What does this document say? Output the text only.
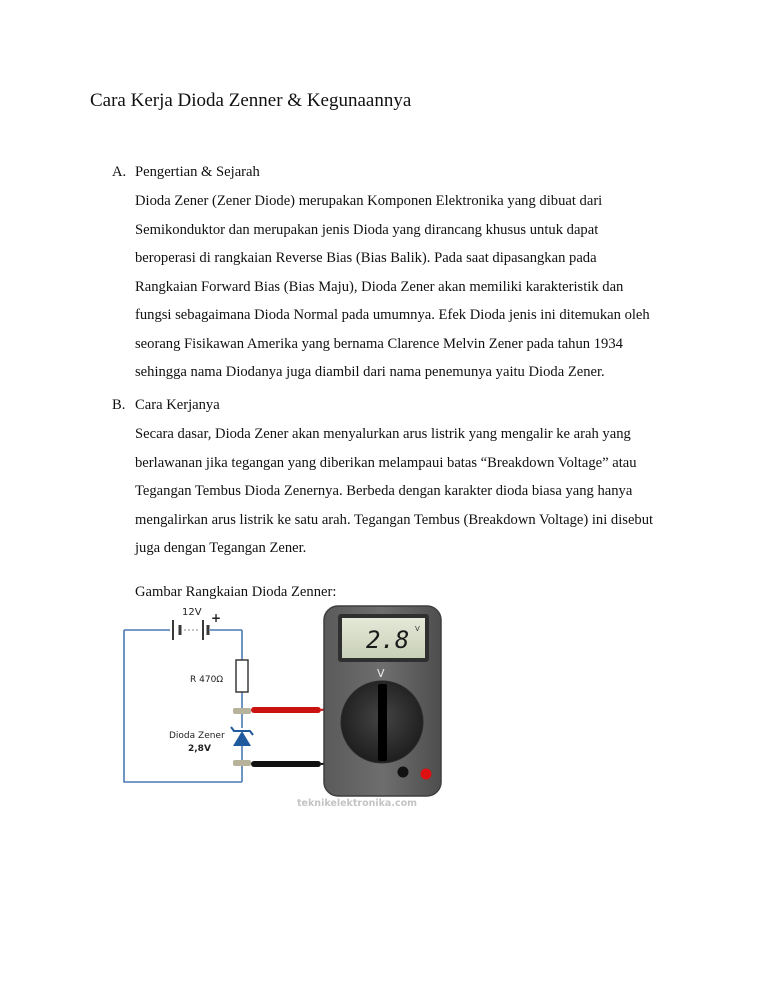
Cara Kerja Dioda Zenner & Kegunaannya
A. Pengertian & Sejarah
Dioda Zener (Zener Diode) merupakan Komponen Elektronika yang dibuat dari
Semikonduktor dan merupakan jenis Dioda yang dirancang khusus untuk dapat
beroperasi di rangkaian Reverse Bias (Bias Balik). Pada saat dipasangkan pada
Rangkaian Forward Bias (Bias Maju), Dioda Zener akan memiliki karakteristik dan
fungsi sebagaimana Dioda Normal pada umumnya. Efek Dioda jenis ini ditemukan oleh
seorang Fisikawan Amerika yang bernama Clarence Melvin Zener pada tahun 1934
sehingga nama Diodanya juga diambil dari nama penemunya yaitu Dioda Zener.
B. Cara Kerjanya
Secara dasar, Dioda Zener akan menyalurkan arus listrik yang mengalir ke arah yang
berlawanan jika tegangan yang diberikan melampaui batas “Breakdown Voltage” atau
Tegangan Tembus Dioda Zenernya. Berbeda dengan karakter dioda biasa yang hanya
mengalirkan arus listrik ke satu arah. Tegangan Tembus (Breakdown Voltage) ini disebut
juga dengan Tegangan Zener.
Gambar Rangkaian Dioda Zenner:
12V +
R 470Ω
Dioda Zener
2,8V
2.8 V
V
teknikelektronika.com
